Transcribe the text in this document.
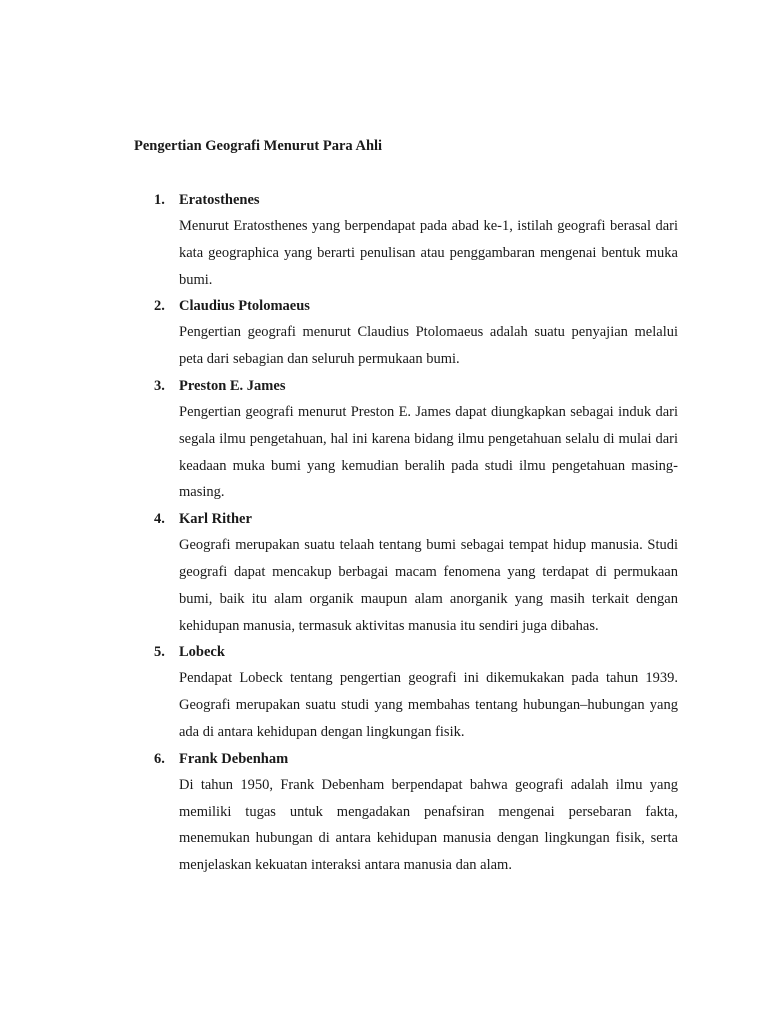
Pengertian Geografi Menurut Para Ahli
1. Eratosthenes
Menurut Eratosthenes yang berpendapat pada abad ke-1, istilah geografi berasal dari kata geographica yang berarti penulisan atau penggambaran mengenai bentuk muka bumi.
2. Claudius Ptolomaeus
Pengertian geografi menurut Claudius Ptolomaeus adalah suatu penyajian melalui peta dari sebagian dan seluruh permukaan bumi.
3. Preston E. James
Pengertian geografi menurut Preston E. James dapat diungkapkan sebagai induk dari segala ilmu pengetahuan, hal ini karena bidang ilmu pengetahuan selalu di mulai dari keadaan muka bumi yang kemudian beralih pada studi ilmu pengetahuan masing-masing.
4. Karl Rither
Geografi merupakan suatu telaah tentang bumi sebagai tempat hidup manusia. Studi geografi dapat mencakup berbagai macam fenomena yang terdapat di permukaan bumi, baik itu alam organik maupun alam anorganik yang masih terkait dengan kehidupan manusia, termasuk aktivitas manusia itu sendiri juga dibahas.
5. Lobeck
Pendapat Lobeck tentang pengertian geografi ini dikemukakan pada tahun 1939. Geografi merupakan suatu studi yang membahas tentang hubungan–hubungan yang ada di antara kehidupan dengan lingkungan fisik.
6. Frank Debenham
Di tahun 1950, Frank Debenham berpendapat bahwa geografi adalah ilmu yang memiliki tugas untuk mengadakan penafsiran mengenai persebaran fakta, menemukan hubungan di antara kehidupan manusia dengan lingkungan fisik, serta menjelaskan kekuatan interaksi antara manusia dan alam.
